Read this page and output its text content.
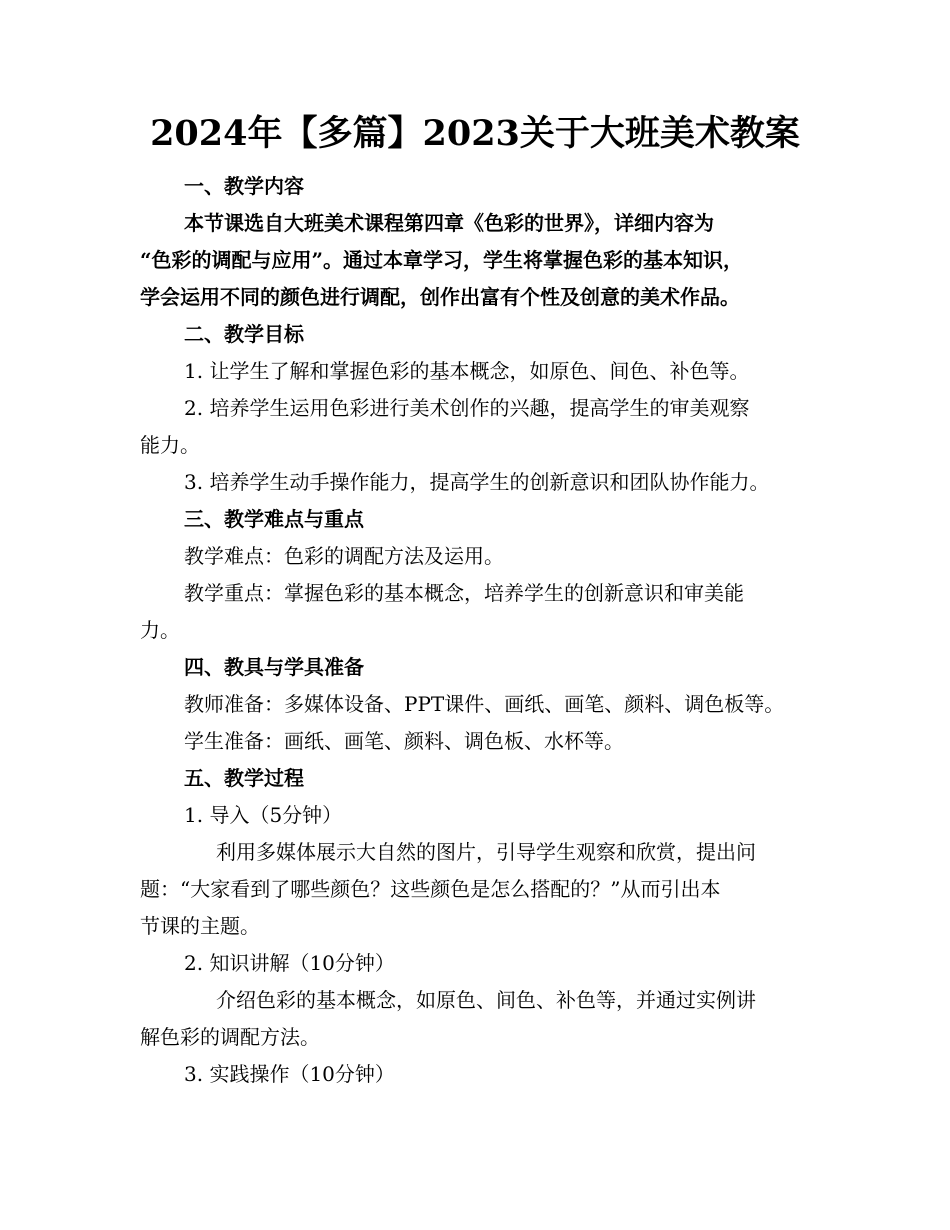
2024年【多篇】2023关于大班美术教案
一、教学内容
本节课选自大班美术课程第四章《色彩的世界》，详细内容为
“色彩的调配与应用”。通过本章学习，学生将掌握色彩的基本知识，
学会运用不同的颜色进行调配，创作出富有个性及创意的美术作品。
二、教学目标
1. 让学生了解和掌握色彩的基本概念，如原色、间色、补色等。
2. 培养学生运用色彩进行美术创作的兴趣，提高学生的审美观察
能力。
3. 培养学生动手操作能力，提高学生的创新意识和团队协作能力。
三、教学难点与重点
教学难点：色彩的调配方法及运用。
教学重点：掌握色彩的基本概念，培养学生的创新意识和审美能
力。
四、教具与学具准备
教师准备：多媒体设备、PPT课件、画纸、画笔、颜料、调色板等。
学生准备：画纸、画笔、颜料、调色板、水杯等。
五、教学过程
1. 导入（5分钟）
利用多媒体展示大自然的图片，引导学生观察和欣赏，提出问
题：“大家看到了哪些颜色？这些颜色是怎么搭配的？”从而引出本
节课的主题。
2. 知识讲解（10分钟）
介绍色彩的基本概念，如原色、间色、补色等，并通过实例讲
解色彩的调配方法。
3. 实践操作（10分钟）
